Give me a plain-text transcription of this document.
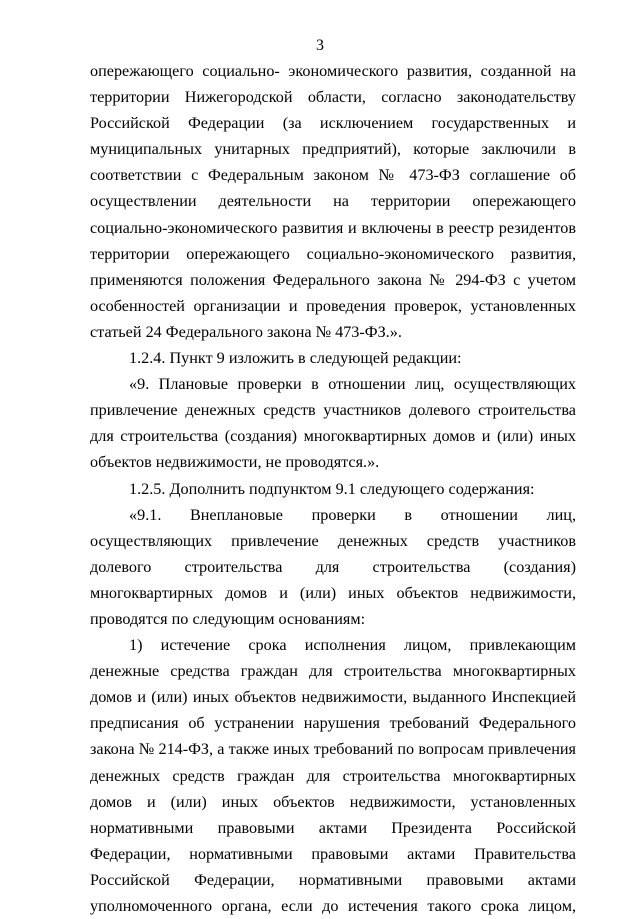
3

опережающего социально- экономического развития, созданной на территории Нижегородской области, согласно законодательству Российской Федерации (за исключением государственных и муниципальных унитарных предприятий), которые заключили в соответствии с Федеральным законом № 473-ФЗ соглашение об осуществлении деятельности на территории опережающего социально-экономического развития и включены в реестр резидентов территории опережающего социально-экономического развития, применяются положения Федерального закона № 294-ФЗ с учетом особенностей организации и проведения проверок, установленных статьей 24 Федерального закона № 473-ФЗ.».

1.2.4. Пункт 9 изложить в следующей редакции:

«9. Плановые проверки в отношении лиц, осуществляющих привлечение денежных средств участников долевого строительства для строительства (создания) многоквартирных домов и (или) иных объектов недвижимости, не проводятся.».

1.2.5. Дополнить подпунктом 9.1 следующего содержания:

«9.1. Внеплановые проверки в отношении лиц, осуществляющих привлечение денежных средств участников долевого строительства для строительства (создания) многоквартирных домов и (или) иных объектов недвижимости, проводятся по следующим основаниям:

1) истечение срока исполнения лицом, привлекающим денежные средства граждан для строительства многоквартирных домов и (или) иных объектов недвижимости, выданного Инспекцией предписания об устранении нарушения требований Федерального закона № 214-ФЗ, а также иных требований по вопросам привлечения денежных средств граждан для строительства многоквартирных домов и (или) иных объектов недвижимости, установленных нормативными правовыми актами Президента Российской Федерации, нормативными правовыми актами Правительства Российской Федерации, нормативными правовыми актами уполномоченного органа, если до истечения такого срока лицом,
